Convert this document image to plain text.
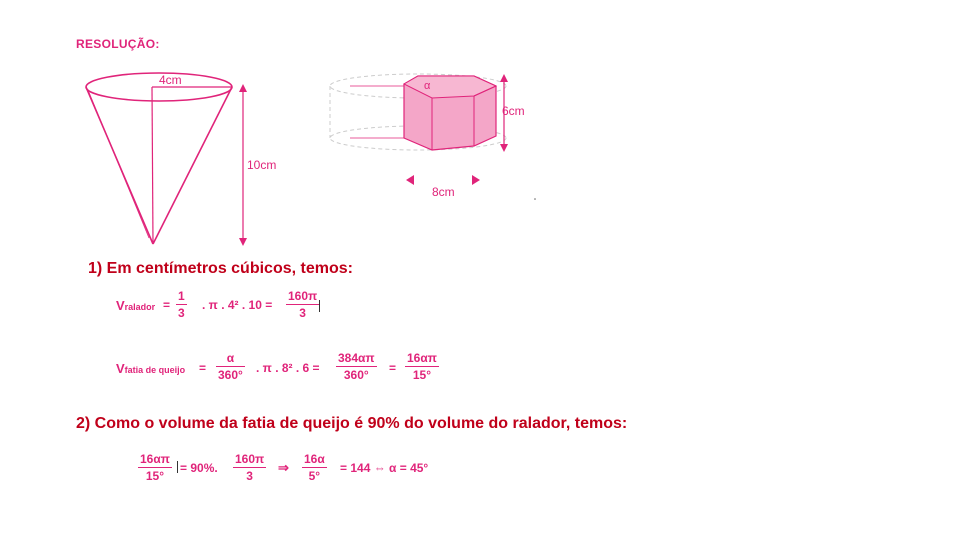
RESOLUÇÃO:
4cm
10cm
α
6cm
8cm
1) Em centímetros cúbicos, temos:
Vralador =
1
3
. π . 4² . 10 =
160π
3
Vfatia de queijo =
α
360° . π . 8² . 6 =
384απ
360°	=
16απ
15°
2) Como o volume da fatia de queijo é 90% do volume do ralador, temos:
16απ
15°
= 90%.
160π
3
⇒
16α
5°
= 144 ⇔ α = 45°
